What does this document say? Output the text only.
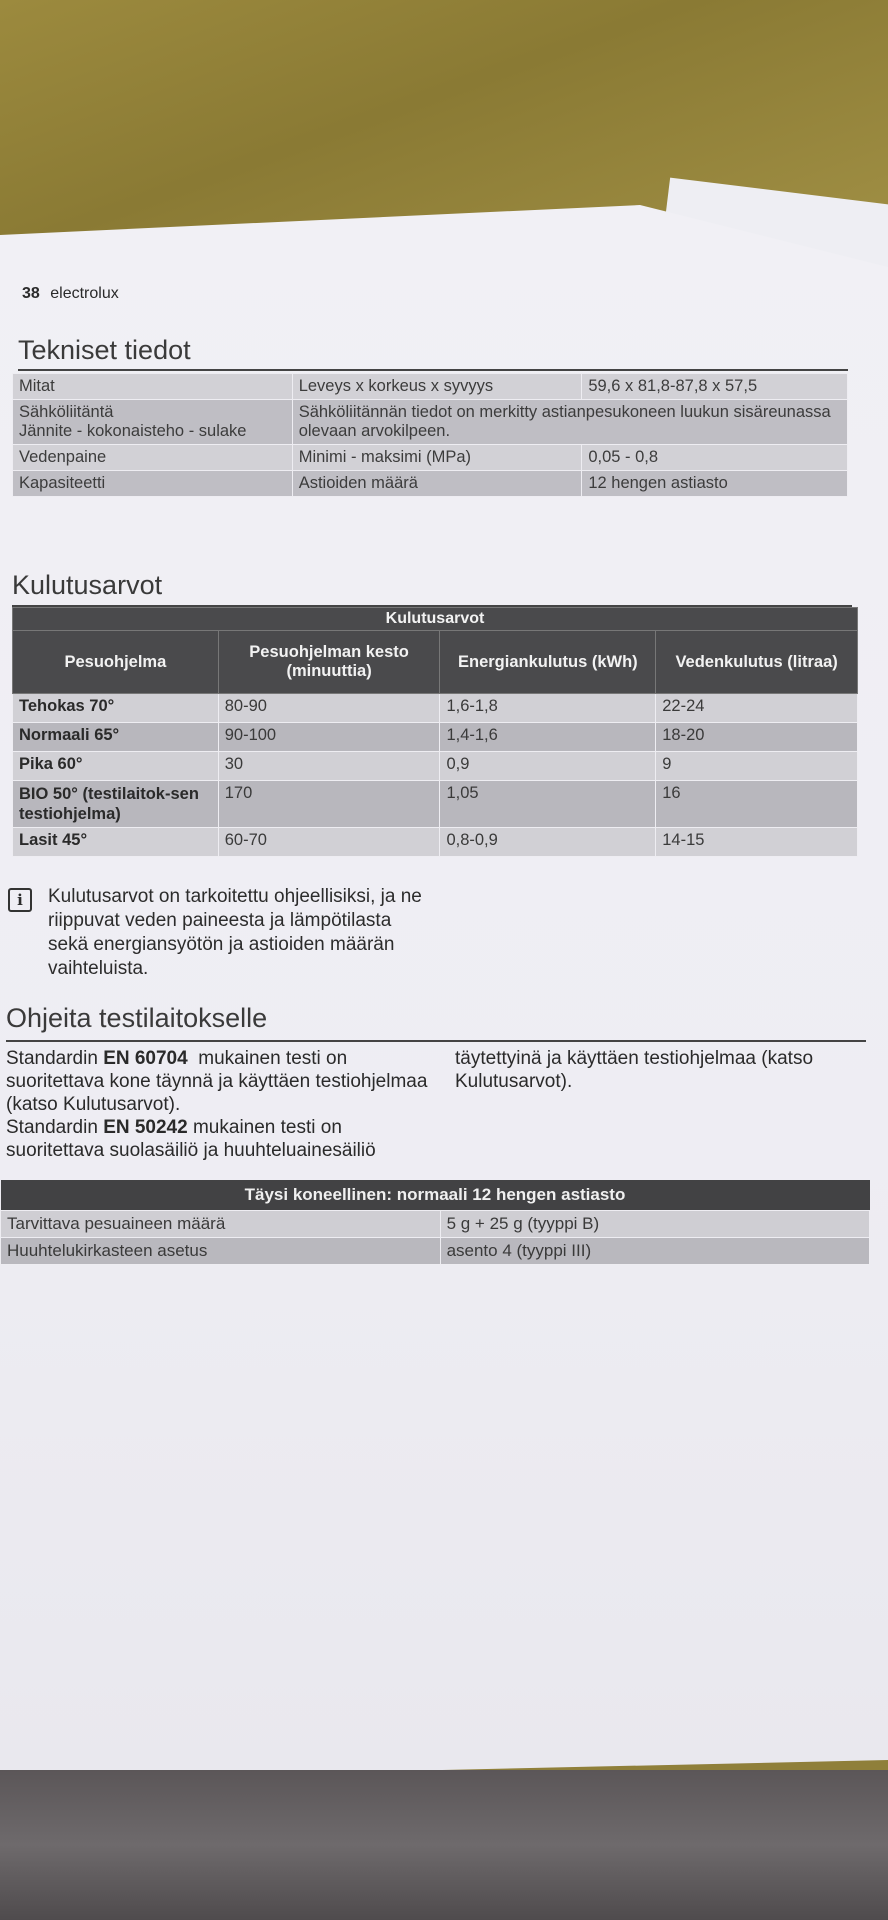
38 electrolux
Tekniset tiedot
Mitat	Leveys x korkeus x syvyys	59,6 x 81,8-87,8 x 57,5
Sähköliitäntä
Jännite - kokonaisteho - sulake	Sähköliitännän tiedot on merkitty astianpesukoneen luukun sisäreunassa olevaan arvokilpeen.	
Vedenpaine	Minimi - maksimi (MPa)	0,05 - 0,8
Kapasiteetti	Astioiden määrä	12 hengen astiasto
Kulutusarvot
Kulutusarvot			
Pesuohjelma	Pesuohjelman kesto (minuuttia)	Energiankulutus (kWh)	Vedenkulutus (litraa)
Tehokas 70°	80-90	1,6-1,8	22-24
Normaali 65°	90-100	1,4-1,6	18-20
Pika 60°	30	0,9	9
BIO 50° (testilaitok-sen testiohjelma)	170	1,05	16
Lasit 45°	60-70	0,8-0,9	14-15
i	Kulutusarvot on tarkoitettu ohjeellisiksi, ja ne riippuvat veden paineesta ja lämpötilasta sekä energiansyötön ja astioiden määrän vaihteluista.
Ohjeita testilaitokselle
Standardin EN 60704  mukainen testi on suoritettava kone täynnä ja käyttäen testiohjelmaa (katso Kulutusarvot).
Standardin EN 50242 mukainen testi on suoritettava suolasäiliö ja huuhteluainesäiliö
täytettyinä ja käyttäen testiohjelmaa (katso Kulutusarvot).
Täysi koneellinen: normaali 12 hengen astiasto	
Tarvittava pesuaineen määrä	5 g + 25 g (tyyppi B)
Huuhtelukirkasteen asetus	asento 4 (tyyppi III)
